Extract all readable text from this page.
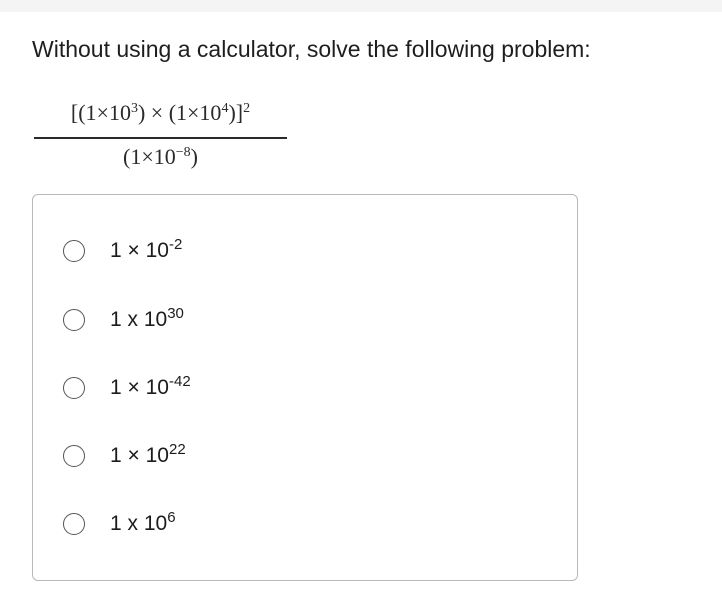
Without using a calculator, solve the following problem:
$[(1\times 10^3) \times (1\times 10^4)]^2$
$(1\times 10^{-8})$
$1 \times 10^{-2}$
1 x $10^{30}$
$1 \times 10^{-42}$
$1 \times 10^{22}$
1 x $10^6$
